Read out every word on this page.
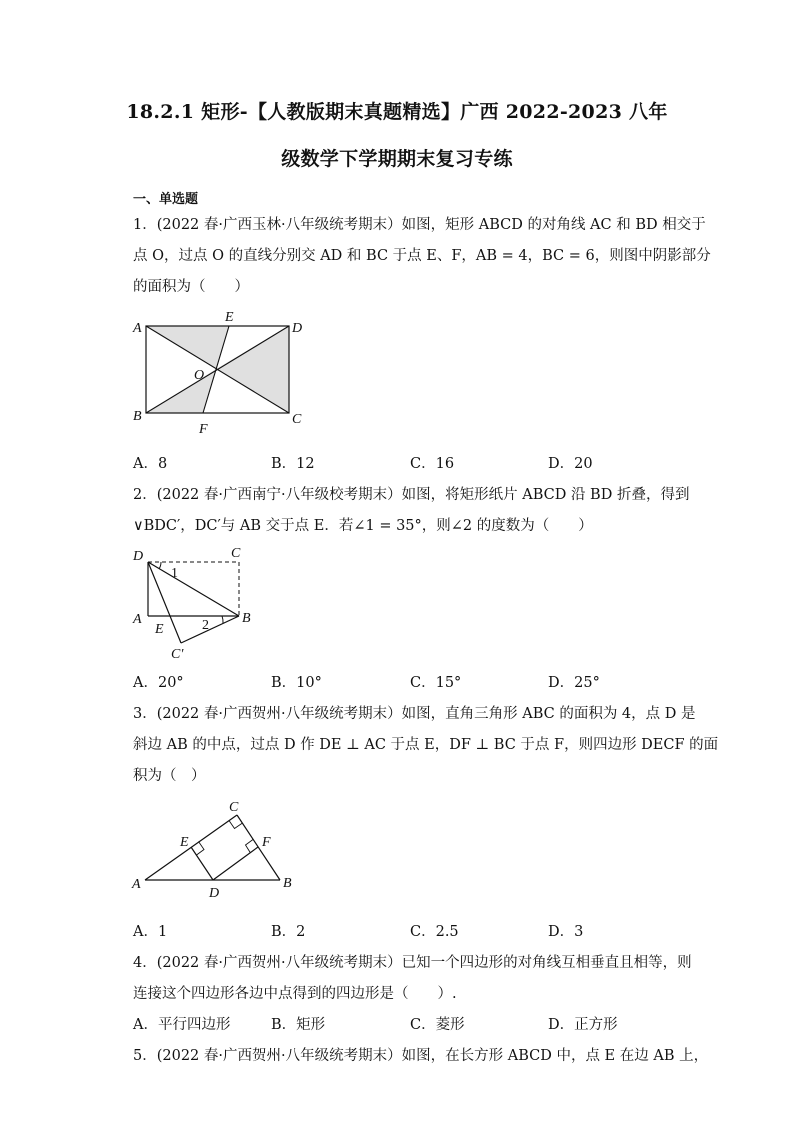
18.2.1 矩形-【人教版期末真题精选】广西 2022-2023 八年
级数学下学期期末复习专练
一、单选题
1．(2022 春·广西玉林·八年级统考期末）如图，矩形 ABCD 的对角线 AC 和 BD 相交于
点 O，过点 O 的直线分别交 AD 和 BC 于点 E、F，AB = 4，BC = 6，则图中阴影部分
的面积为（　　）
A
E
D
O
B
F
C
A．8	B．12	C．16	D．20
2．(2022 春·广西南宁·八年级校考期末）如图，将矩形纸片 ABCD 沿 BD 折叠，得到
∨BDC′，DC′与 AB 交于点 E．若∠1 = 35°，则∠2 的度数为（　　）
D	C
1
A
E	2 B
C′
A．20°	B．10°	C．15°	D．25°
3．(2022 春·广西贺州·八年级统考期末）如图，直角三角形 ABC 的面积为 4，点 D 是
斜边 AB 的中点，过点 D 作 DE ⊥ AC 于点 E，DF ⊥ BC 于点 F，则四边形 DECF 的面
积为（　）
C
E	F
A
D
B
A．1	B．2	C．2.5	D．3
4．(2022 春·广西贺州·八年级统考期末）已知一个四边形的对角线互相垂直且相等，则
连接这个四边形各边中点得到的四边形是（　　）.
A．平行四边形	B．矩形	C．菱形	D．正方形
5．(2022 春·广西贺州·八年级统考期末）如图，在长方形 ABCD 中，点 E 在边 AB 上，
